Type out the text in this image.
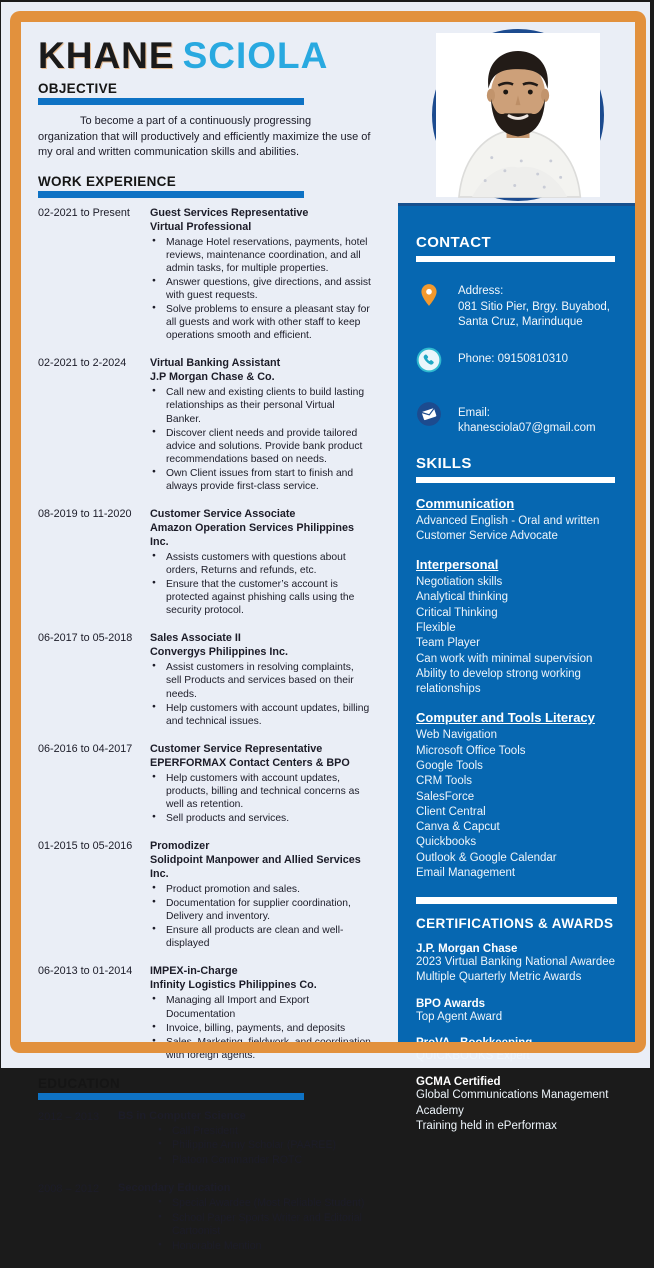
KHANE SCIOLA
OBJECTIVE
To become a part of a continuously progressing organization that will productively and efficiently maximize the use of my oral and written communication skills and abilities.
WORK EXPERIENCE
02-2021 to Present	Guest Services Representative
Virtual Professional
● Manage Hotel reservations, payments, hotel reviews, maintenance coordination, and all admin tasks, for multiple properties.
● Answer questions, give directions, and assist with guest requests.
● Solve problems to ensure a pleasant stay for all guests and work with other staff to keep operations smooth and efficient.
02-2021 to 2-2024	Virtual Banking Assistant
J.P Morgan Chase & Co.
● Call new and existing clients to build lasting relationships as their personal Virtual Banker.
● Discover client needs and provide tailored advice and solutions. Provide bank product recommendations based on needs.
● Own Client issues from start to finish and always provide first-class service.
08-2019 to 11-2020	Customer Service Associate
Amazon Operation Services Philippines Inc.
● Assists customers with questions about orders, Returns and refunds, etc.
● Ensure that the customer’s account is protected against phishing calls using the security protocol.
06-2017 to 05-2018	Sales Associate II
Convergys Philippines Inc.
● Assist customers in resolving complaints, sell Products and services based on their needs.
● Help customers with account updates, billing and technical issues.
06-2016 to 04-2017	Customer Service Representative
EPERFORMAX Contact Centers & BPO
● Help customers with account updates, products, billing and technical concerns as well as retention.
● Sell products and services.
01-2015 to 05-2016	Promodizer
Solidpoint Manpower and Allied Services Inc.
● Product promotion and sales.
● Documentation for supplier coordination, Delivery and inventory.
● Ensure all products are clean and well-displayed
06-2013 to 01-2014	IMPEX-in-Charge
Infinity Logistics Philippines Co.
● Managing all Import and Export Documentation
● Invoice, billing, payments, and deposits
● Sales, Marketing, fieldwork, and coordination with foreign agents.
EDUCATION
2012 – 2013	BS in Computer Science
● Call President
● Philippine Army Scholar (PAAREE)
● Platoon Commander ROTC
2008 – 2012	Secondary Education
● Special Awardee (Most Reliable Student)
● School Paper Sports Writer and Editorial Cartoonist
● Honorable Mention
CONTACT
Address:
081 Sitio Pier, Brgy. Buyabod,
Santa Cruz, Marinduque
Phone: 09150810310
Email: khanesciola07@gmail.com
SKILLS
Communication
Advanced English - Oral and written
Customer Service Advocate
Interpersonal
Negotiation skills
Analytical thinking
Critical Thinking
Flexible
Team Player
Can work with minimal supervision
Ability to develop strong working relationships
Computer and Tools Literacy
Web Navigation
Microsoft Office Tools
Google Tools
CRM Tools
SalesForce
Client Central
Canva & Capcut
Quickbooks
Outlook & Google Calendar
Email Management
CERTIFICATIONS & AWARDS
J.P. Morgan Chase
2023 Virtual Banking National Awardee
Multiple Quarterly Metric Awards
BPO Awards
Top Agent Award
ProVA - Bookkeeping
QUICKBOOKS Expert
GCMA Certified
Global Communications Management Academy
Training held in ePerformax
